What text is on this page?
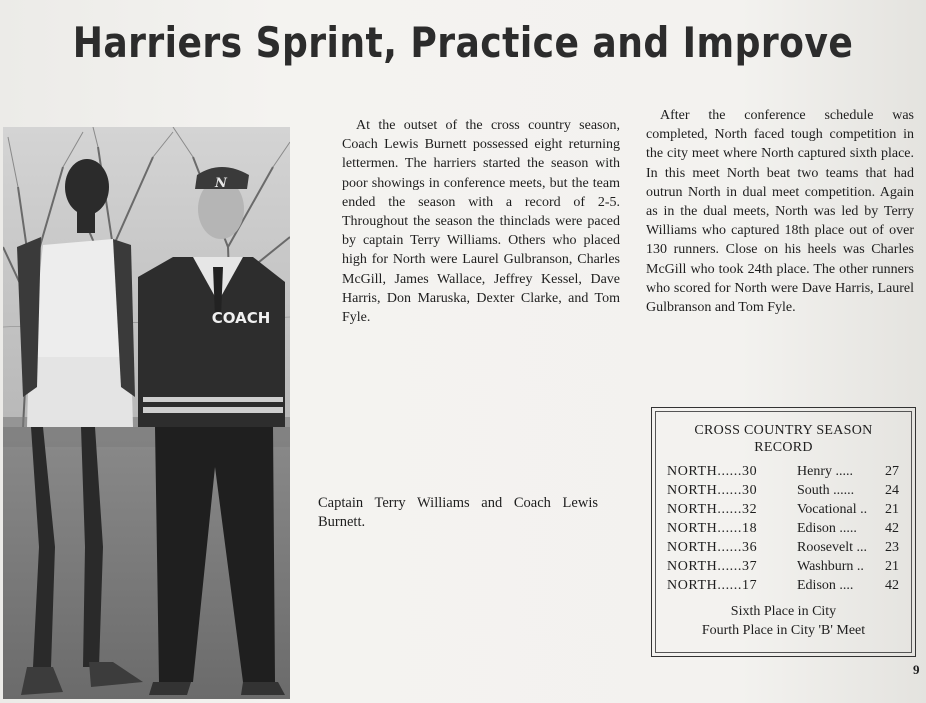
Harriers Sprint, Practice and Improve
N
COACH
At the outset of the cross country season, Coach Lewis Burnett possessed eight returning lettermen. The harriers started the season with poor showings in conference meets, but the team ended the season with a record of 2-5. Throughout the season the thinclads were paced by captain Terry Williams. Others who placed high for North were Laurel Gulbranson, Charles McGill, James Wallace, Jeffrey Kessel, Dave Harris, Don Maruska, Dexter Clarke, and Tom Fyle.
After the conference schedule was completed, North faced tough competition in the city meet where North captured sixth place. In this meet North beat two teams that had outrun North in dual meet competition. Again as in the dual meets, North was led by Terry Williams who captured 18th place out of over 130 runners. Close on his heels was Charles McGill who took 24th place. The other runners who scored for North were Dave Harris, Laurel Gulbranson and Tom Fyle.
Captain Terry Williams and Coach Lewis Burnett.
CROSS COUNTRY SEASON
RECORD
NORTH......30	Henry ..... 27
NORTH......30	South ...... 24
NORTH......32	Vocational .. 21
NORTH......18	Edison ..... 42
NORTH......36	Roosevelt ... 23
NORTH......37	Washburn .. 21
NORTH......17	Edison .... 42
Sixth Place in City
Fourth Place in City 'B' Meet
9
